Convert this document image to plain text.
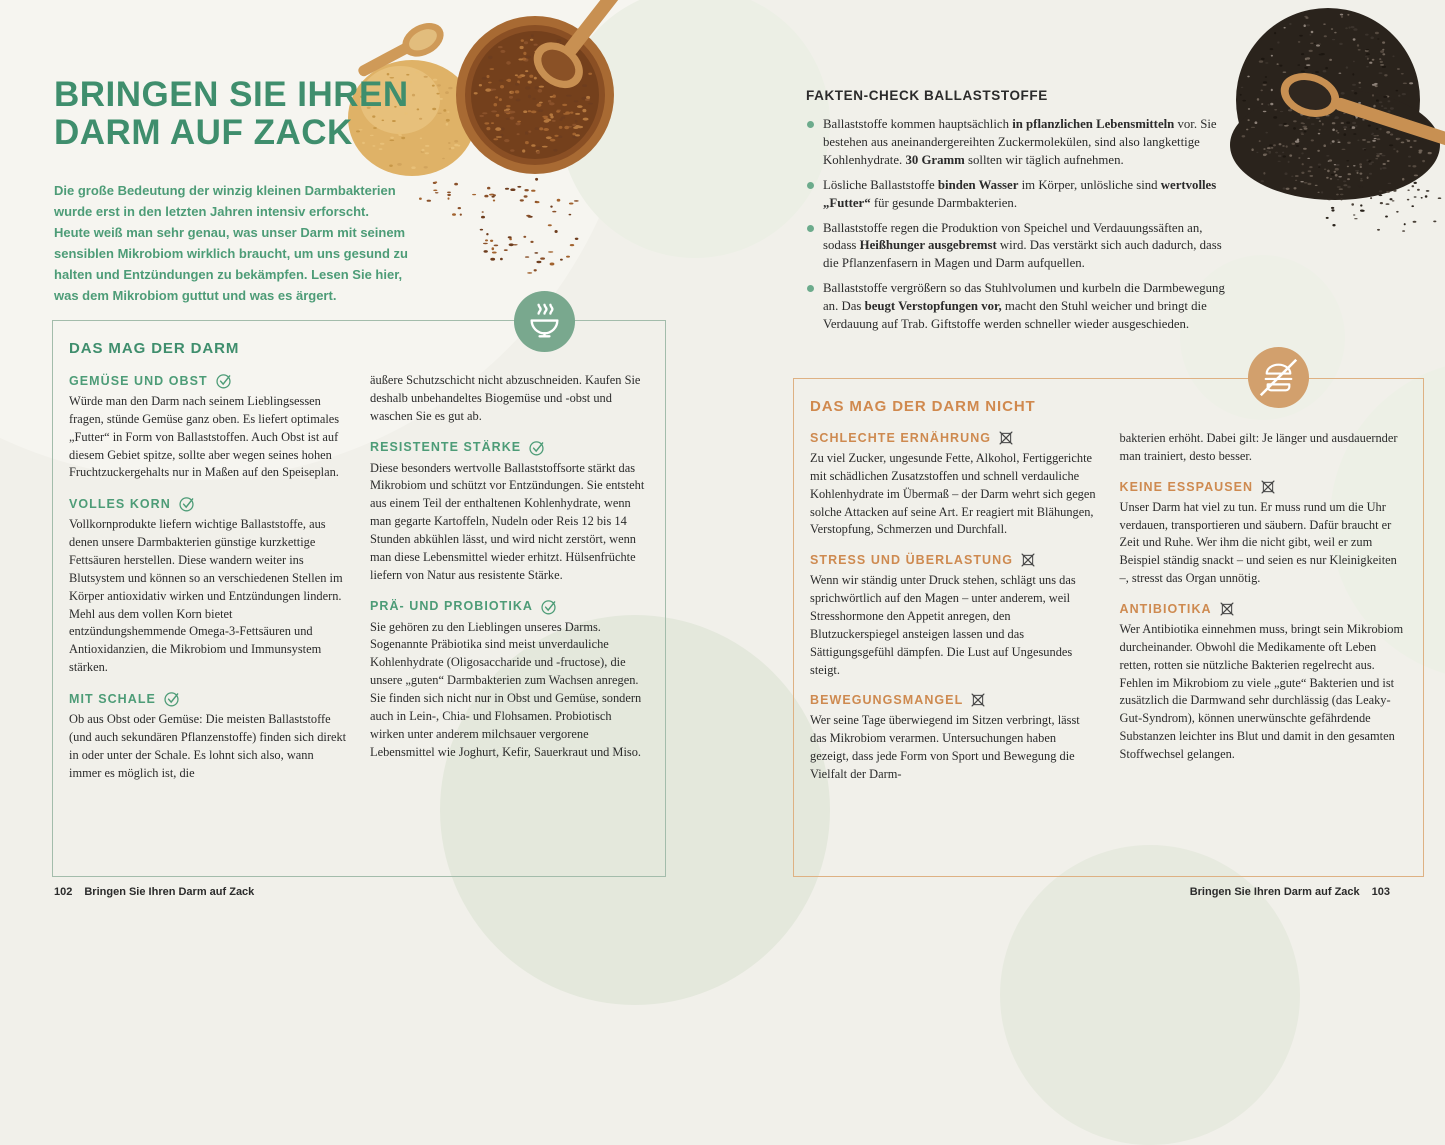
BRINGEN SIE IHREN
DARM AUF ZACK

Die große Bedeutung der winzig kleinen Darmbakterien wurde erst in den letzten Jahren intensiv erforscht. Heute weiß man sehr genau, was unser Darm mit seinem sensiblen Mikrobiom wirklich braucht, um uns gesund zu halten und Entzündungen zu bekämpfen. Lesen Sie hier, was dem Mikrobiom guttut und was es ärgert.

FAKTEN-CHECK BALLASTSTOFFE
Ballaststoffe kommen hauptsächlich in pflanzlichen Lebensmitteln vor. Sie bestehen aus aneinandergereihten Zuckermolekülen, sind also langkettige Kohlenhydrate. 30 Gramm sollten wir täglich aufnehmen.
Lösliche Ballaststoffe binden Wasser im Körper, unlösliche sind wertvolles „Futter“ für gesunde Darmbakterien.
Ballaststoffe regen die Produktion von Speichel und Verdauungssäften an, sodass Heißhunger ausgebremst wird. Das verstärkt sich auch dadurch, dass die Pflanzenfasern in Magen und Darm aufquellen.
Ballaststoffe vergrößern so das Stuhlvolumen und kurbeln die Darmbewegung an. Das beugt Verstopfungen vor, macht den Stuhl weicher und bringt die Verdauung auf Trab. Giftstoffe werden schneller wieder ausgeschieden.
DAS MAG DER DARM
GEMÜSE UND OBST

Würde man den Darm nach seinem Lieblingsessen fragen, stünde Gemüse ganz oben. Es liefert optimales „Futter“ in Form von Ballaststoffen. Auch Obst ist auf diesem Gebiet spitze, sollte aber wegen seines hohen Fruchtzuckergehalts nur in Maßen auf den Speiseplan.

VOLLES KORN

Vollkornprodukte liefern wichtige Ballaststoffe, aus denen unsere Darmbakterien günstige kurzkettige Fettsäuren herstellen. Diese wandern weiter ins Blutsystem und können so an verschiedenen Stellen im Körper antioxidativ wirken und Entzündungen lindern. Mehl aus dem vollen Korn bietet entzündungshemmende Omega-3-Fettsäuren und Antioxidanzien, die Mikrobiom und Immunsystem stärken.

MIT SCHALE

Ob aus Obst oder Gemüse: Die meisten Ballaststoffe (und auch sekundären Pflanzenstoffe) finden sich direkt in oder unter der Schale. Es lohnt sich also, wann immer es möglich ist, die

äußere Schutzschicht nicht abzuschneiden. Kaufen Sie deshalb unbehandeltes Biogemüse und -obst und waschen Sie es gut ab.

RESISTENTE STÄRKE

Diese besonders wertvolle Ballaststoffsorte stärkt das Mikrobiom und schützt vor Entzündungen. Sie entsteht aus einem Teil der enthaltenen Kohlenhydrate, wenn man gegarte Kartoffeln, Nudeln oder Reis 12 bis 14 Stunden abkühlen lässt, und wird nicht zerstört, wenn man diese Lebensmittel wieder erhitzt. Hülsenfrüchte liefern von Natur aus resistente Stärke.

PRÄ- UND PROBIOTIKA

Sie gehören zu den Lieblingen unseres Darms. Sogenannte Präbiotika sind meist unverdauliche Kohlenhydrate (Oligosaccharide und -fructose), die unsere „guten“ Darmbakterien zum Wachsen anregen. Sie finden sich nicht nur in Obst und Gemüse, sondern auch in Lein-, Chia- und Flohsamen. Probiotisch wirken unter anderem milchsauer vergorene Lebensmittel wie Joghurt, Kefir, Sauerkraut und Miso.

DAS MAG DER DARM NICHT
SCHLECHTE ERNÄHRUNG

Zu viel Zucker, ungesunde Fette, Alkohol, Fertiggerichte mit schädlichen Zusatzstoffen und schnell verdauliche Kohlenhydrate im Übermaß – der Darm wehrt sich gegen solche Attacken auf seine Art. Er reagiert mit Blähungen, Verstopfung, Schmerzen und Durchfall.

STRESS UND ÜBERLASTUNG

Wenn wir ständig unter Druck stehen, schlägt uns das sprichwörtlich auf den Magen – unter anderem, weil Stresshormone den Appetit anregen, den Blutzuckerspiegel ansteigen lassen und das Sättigungsgefühl dämpfen. Die Lust auf Ungesundes steigt.

BEWEGUNGSMANGEL

Wer seine Tage überwiegend im Sitzen verbringt, lässt das Mikrobiom verarmen. Untersuchungen haben gezeigt, dass jede Form von Sport und Bewegung die Vielfalt der Darm-

bakterien erhöht. Dabei gilt: Je länger und ausdauernder man trainiert, desto besser.

KEINE ESSPAUSEN

Unser Darm hat viel zu tun. Er muss rund um die Uhr verdauen, transportieren und säubern. Dafür braucht er Zeit und Ruhe. Wer ihm die nicht gibt, weil er zum Beispiel ständig snackt – und seien es nur Kleinigkeiten –, stresst das Organ unnötig.

ANTIBIOTIKA

Wer Antibiotika einnehmen muss, bringt sein Mikrobiom durcheinander. Obwohl die Medikamente oft Leben retten, rotten sie nützliche Bakterien regelrecht aus. Fehlen im Mikrobiom zu viele „gute“ Bakterien und ist zusätzlich die Darmwand sehr durchlässig (das Leaky-Gut-Syndrom), können unerwünschte gefährdende Substanzen leichter ins Blut und damit in den gesamten Stoffwechsel gelangen.

102 Bringen Sie Ihren Darm auf Zack	Bringen Sie Ihren Darm auf Zack 103
